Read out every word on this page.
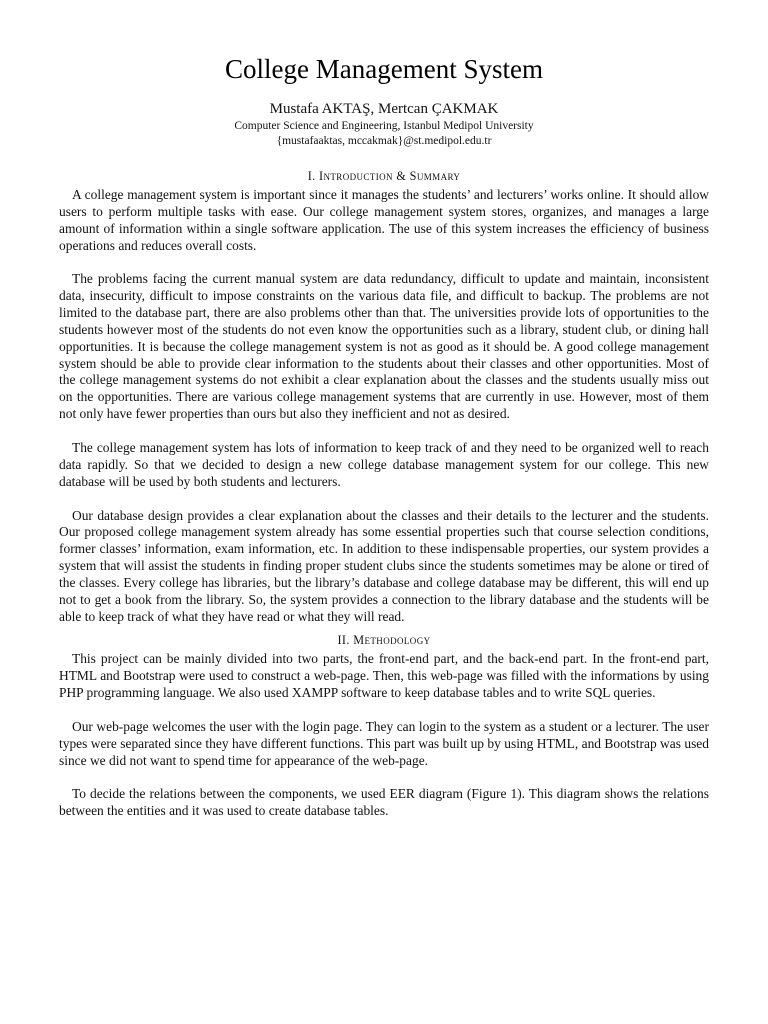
College Management System

Mustafa AKTAŞ, Mertcan ÇAKMAK

Computer Science and Engineering, Istanbul Medipol University

{mustafaaktas, mccakmak}@st.medipol.edu.tr

I. Introduction & Summary

A college management system is important since it manages the students’ and lecturers’ works online. It should allow users to perform multiple tasks with ease. Our college management system stores, organizes, and manages a large amount of information within a single software application. The use of this system increases the efficiency of business operations and reduces overall costs.

The problems facing the current manual system are data redundancy, difficult to update and maintain, inconsistent data, insecurity, difficult to impose constraints on the various data file, and difficult to backup. The problems are not limited to the database part, there are also problems other than that. The universities provide lots of opportunities to the students however most of the students do not even know the opportunities such as a library, student club, or dining hall opportunities. It is because the college management system is not as good as it should be. A good college management system should be able to provide clear information to the students about their classes and other opportunities. Most of the college management systems do not exhibit a clear explanation about the classes and the students usually miss out on the opportunities. There are various college management systems that are currently in use. However, most of them not only have fewer properties than ours but also they inefficient and not as desired.

The college management system has lots of information to keep track of and they need to be organized well to reach data rapidly. So that we decided to design a new college database management system for our college. This new database will be used by both students and lecturers.

Our database design provides a clear explanation about the classes and their details to the lecturer and the students. Our proposed college management system already has some essential properties such that course selection conditions, former classes’ information, exam information, etc. In addition to these indispensable properties, our system provides a system that will assist the students in finding proper student clubs since the students sometimes may be alone or tired of the classes. Every college has libraries, but the library’s database and college database may be different, this will end up not to get a book from the library. So, the system provides a connection to the library database and the students will be able to keep track of what they have read or what they will read.

II. Methodology

This project can be mainly divided into two parts, the front-end part, and the back-end part. In the front-end part, HTML and Bootstrap were used to construct a web-page. Then, this web-page was filled with the informations by using PHP programming language. We also used XAMPP software to keep database tables and to write SQL queries.

Our web-page welcomes the user with the login page. They can login to the system as a student or a lecturer. The user types were separated since they have different functions. This part was built up by using HTML, and Bootstrap was used since we did not want to spend time for appearance of the web-page.

To decide the relations between the components, we used EER diagram (Figure 1). This diagram shows the relations between the entities and it was used to create database tables.
